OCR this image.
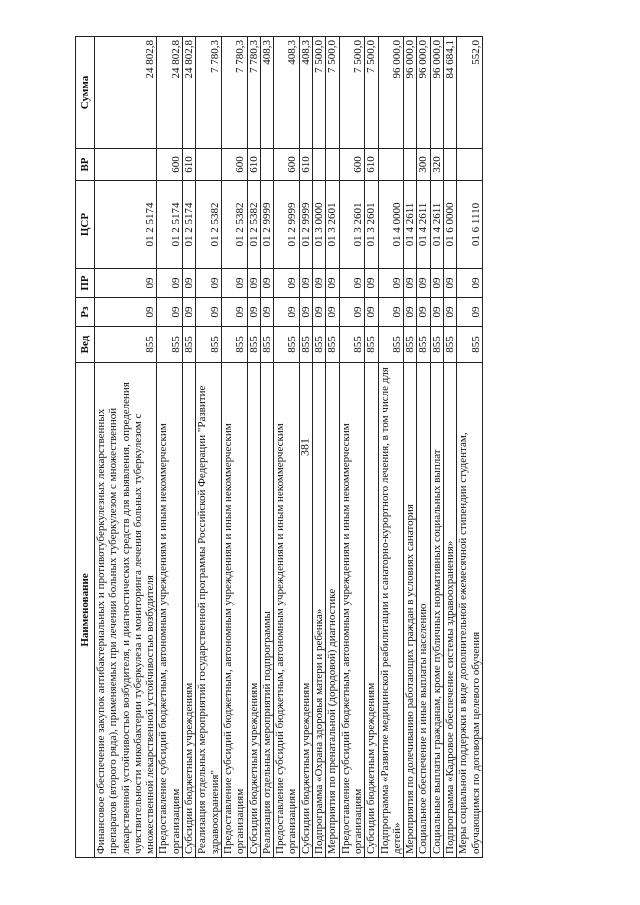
381
Наименование	Вед	Рз	ПР	ЦСР	ВР	Сумма
Финансовое обеспечение закупок антибактериальных и противотуберкулезных лекарственных препаратов (второго ряда), применяемых при лечении больных туберкулезом с множественной лекарственной устойчивостью возбудителя, и диагностических средств для выявления, определения чувствительности микобактерии туберкулеза и мониторинга лечения больных туберкулезом с множественной лекарственной устойчивостью возбудителя	855	09	09	01 2 5174		24 802,8
Предоставление субсидий бюджетным, автономным учреждениям и иным некоммерческим организациям	855	09	09	01 2 5174	600	24 802,8
Субсидии бюджетным учреждениям	855	09	09	01 2 5174	610	24 802,8
Реализация отдельных мероприятий государственной программы Российской Федерации "Развитие здравоохранения"	855	09	09	01 2 5382		7 780,3
Предоставление субсидий бюджетным, автономным учреждениям и иным некоммерческим организациям	855	09	09	01 2 5382	600	7 780,3
Субсидии бюджетным учреждениям	855	09	09	01 2 5382	610	7 780,3
Реализация отдельных мероприятий подпрограммы	855	09	09	01 2 9999		408,3
Предоставление субсидий бюджетным, автономным учреждениям и иным некоммерческим организациям	855	09	09	01 2 9999	600	408,3
Субсидии бюджетным учреждениям	855	09	09	01 2 9999	610	408,3
Подпрограмма «Охрана здоровья матери и ребенка»	855	09	09	01 3 0000		7 500,0
Мероприятия по пренатальной (дородовой) диагностике	855	09	09	01 3 2601		7 500,0
Предоставление субсидий бюджетным, автономным учреждениям и иным некоммерческим организациям	855	09	09	01 3 2601	600	7 500,0
Субсидии бюджетным учреждениям	855	09	09	01 3 2601	610	7 500,0
Подпрограмма «Развитие медицинской реабилитации и санаторно-курортного лечения, в том числе для детей»	855	09	09	01 4 0000		96 000,0
Мероприятия по долечиванию работающих граждан в условиях санатория	855	09	09	01 4 2611		96 000,0
Социальное обеспечение и иные выплаты населению	855	09	09	01 4 2611	300	96 000,0
Социальные выплаты гражданам, кроме публичных нормативных социальных выплат	855	09	09	01 4 2611	320	96 000,0
Подпрограмма «Кадровое обеспечение системы здравоохранения»	855	09	09	01 6 0000		84 684,1
Меры социальной поддержки в виде дополнительной ежемесячной стипендии студентам, обучающимся по договорам целевого обучения	855	09	09	01 6 1110		552,0
